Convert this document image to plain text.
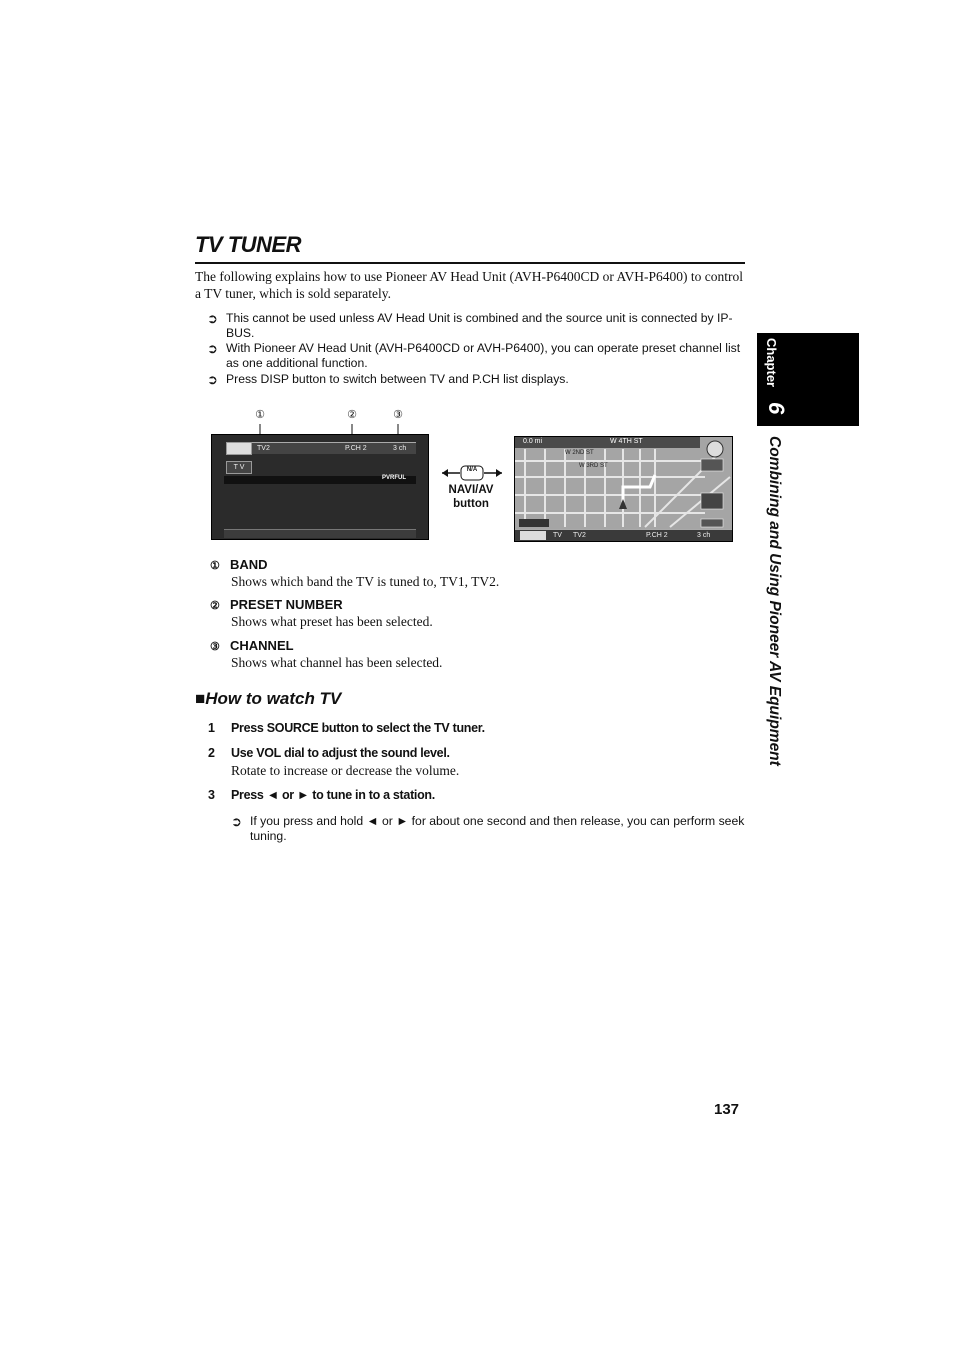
TV TUNER
The following explains how to use Pioneer AV Head Unit (AVH-P6400CD or AVH-P6400) to control a TV tuner, which is sold separately.
➲ This cannot be used unless AV Head Unit is combined and the source unit is connected by IP-BUS.
➲ With Pioneer AV Head Unit (AVH-P6400CD or AVH-P6400), you can operate preset channel list as one additional function.
➲ Press DISP button to switch between TV and P.CH list displays.
①	②	③
TV2	P.CH 2	3 ch
T V
PVRFUL
N/A
NAVI/AV
button
0.0 mi	W 4TH ST
W 2ND ST
W 3RD ST
TV TV2	P.CH 2	3 ch
① BAND
Shows which band the TV is tuned to, TV1, TV2.
② PRESET NUMBER
Shows what preset has been selected.
③ CHANNEL
Shows what channel has been selected.
■How to watch TV
1 Press SOURCE button to select the TV tuner.
2 Use VOL dial to adjust the sound level.
Rotate to increase or decrease the volume.
3 Press ◄ or ► to tune in to a station.
➲ If you press and hold ◄ or ► for about one second and then release, you can perform seek tuning.
Chapter
6
Combining and Using Pioneer AV Equipment
137
